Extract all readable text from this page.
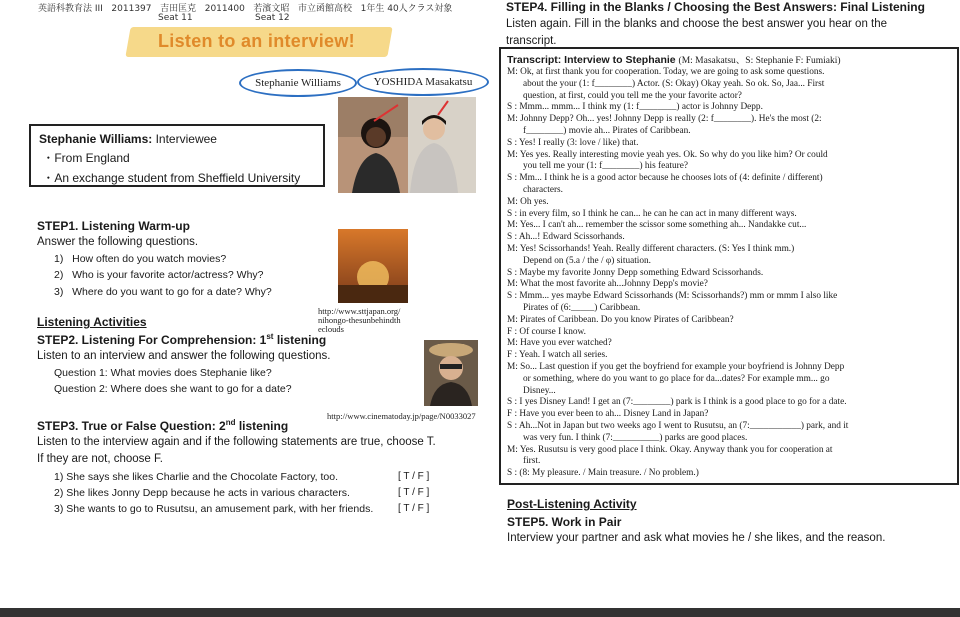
英語科教育法 III 2011397 吉田匡克 2011400 若濱文昭 市立函館高校 1年生 40人クラス対象
Seat 11	Seat 12
Listen to an interview!
Stephanie Williams	YOSHIDA Masakatsu
Stephanie Williams: Interviewee
・From England
・An exchange student from Sheffield University
STEP1. Listening Warm-up
Answer the following questions.
1) How often do you watch movies?
2) Who is your favorite actor/actress? Why?
3) Where do you want to go for a date? Why?
http://www.sttjapan.org/
nihongo-thesunbehindth
eclouds
Listening Activities
STEP2. Listening For Comprehension: 1st listening
Listen to an interview and answer the following questions.
Question 1: What movies does Stephanie like?
Question 2: Where does she want to go for a date?
http://www.cinematoday.jp/page/N0033027
STEP3. True or False Question: 2nd listening
Listen to the interview again and if the following statements are true, choose T.
If they are not, choose F.
1) She says she likes Charlie and the Chocolate Factory, too.	[ T / F ]
2) She likes Jonny Depp because he acts in various characters.	[ T / F ]
3) She wants to go to Rusutsu, an amusement park, with her friends. [ T / F ]
STEP4. Filling in the Blanks / Choosing the Best Answers: Final Listening
Listen again. Fill in the blanks and choose the best answer you hear on the
transcript.
Transcript: Interview to Stephanie (M: Masakatsu、S: Stephanie F: Fumiaki)
M: Ok, at first thank you for cooperation. Today, we are going to ask some questions.
about the your (1: f________) Actor. (S: Okay) Okay yeah. So ok. So, Jaa... First
question, at first, could you tell me the your favorite actor?
S : Mmm... mmm... I think my (1: f________) actor is Johnny Depp.
M: Johnny Depp? Oh... yes! Johnny Depp is really (2: f________). He's the most (2:
f________) movie ah... Pirates of Caribbean.
S : Yes! I really (3: love / like) that.
M: Yes yes. Really interesting movie yeah yes. Ok. So why do you like him? Or could
you tell me your (1: f________) his feature?
S : Mm... I think he is a good actor because he chooses lots of (4: definite / different)
characters.
M: Oh yes.
S : in every film, so I think he can... he can he can act in many different ways.
M: Yes... I can't ah... remember the scissor some something ah... Nandakke cut...
S : Ah...! Edward Scissorhands.
M: Yes! Scissorhands! Yeah. Really different characters. (S: Yes I think mm.)
Depend on (5.a / the / φ) situation.
S : Maybe my favorite Jonny Depp something Edward Scissorhands.
M: What the most favorite ah...Johnny Depp's movie?
S : Mmm... yes maybe Edward Scissorhands (M: Scissorhands?) mm or mmm I also like
Pirates of (6:_____) Caribbean.
M: Pirates of Caribbean. Do you know Pirates of Caribbean?
F : Of course I know.
M: Have you ever watched?
F : Yeah. I watch all series.
M: So... Last question if you get the boyfriend for example your boyfriend is Johnny Depp
or something, where do you want to go place for da...dates? For example mm... go
Disney...
S : I yes Disney Land! I get an (7:________) park is I think is a good place to go for a date.
F : Have you ever been to ah... Disney Land in Japan?
S : Ah...Not in Japan but two weeks ago I went to Rusutsu, an (7:___________) park, and it
was very fun. I think (7:__________) parks are good places.
M: Yes. Rusutsu is very good place I think. Okay. Anyway thank you for cooperation at
first.
S : (8: My pleasure. / Main treasure. / No problem.)
Post-Listening Activity
STEP5. Work in Pair
Interview your partner and ask what movies he / she likes, and the reason.
